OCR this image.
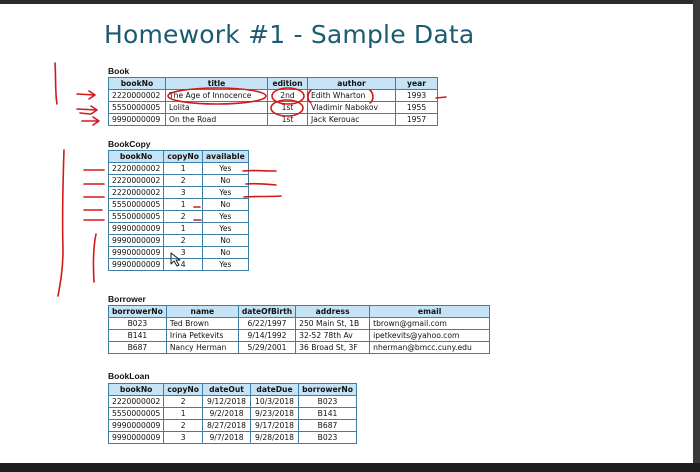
Homework #1 - Sample Data
Book
bookNo	title	edition	author	year
2220000002	The Age of Innocence	2nd	Edith Wharton	1993
5550000005	Lolita	1st	Vladimir Nabokov	1955
9990000009	On the Road	1st	Jack Kerouac	1957
BookCopy
bookNo	copyNo	available
2220000002	1	Yes
2220000002	2	No
2220000002	3	Yes
5550000005	1	No
5550000005	2	Yes
9990000009	1	Yes
9990000009	2	No
9990000009	3	No
9990000009	4	Yes
Borrower
borrowerNo	name	dateOfBirth	address	email
B023	Ted Brown	6/22/1997	250 Main St, 1B	tbrown@gmail.com
B141	Irina Petkevits	9/14/1992	32-52 78th Av	ipetkevits@yahoo.com
B687	Nancy Herman	5/29/2001	36 Broad St, 3F	nherman@bmcc.cuny.edu
BookLoan
bookNo	copyNo	dateOut	dateDue	borrowerNo
2220000002	2	9/12/2018	10/3/2018	B023
5550000005	1	9/2/2018	9/23/2018	B141
9990000009	2	8/27/2018	9/17/2018	B687
9990000009	3	9/7/2018	9/28/2018	B023
